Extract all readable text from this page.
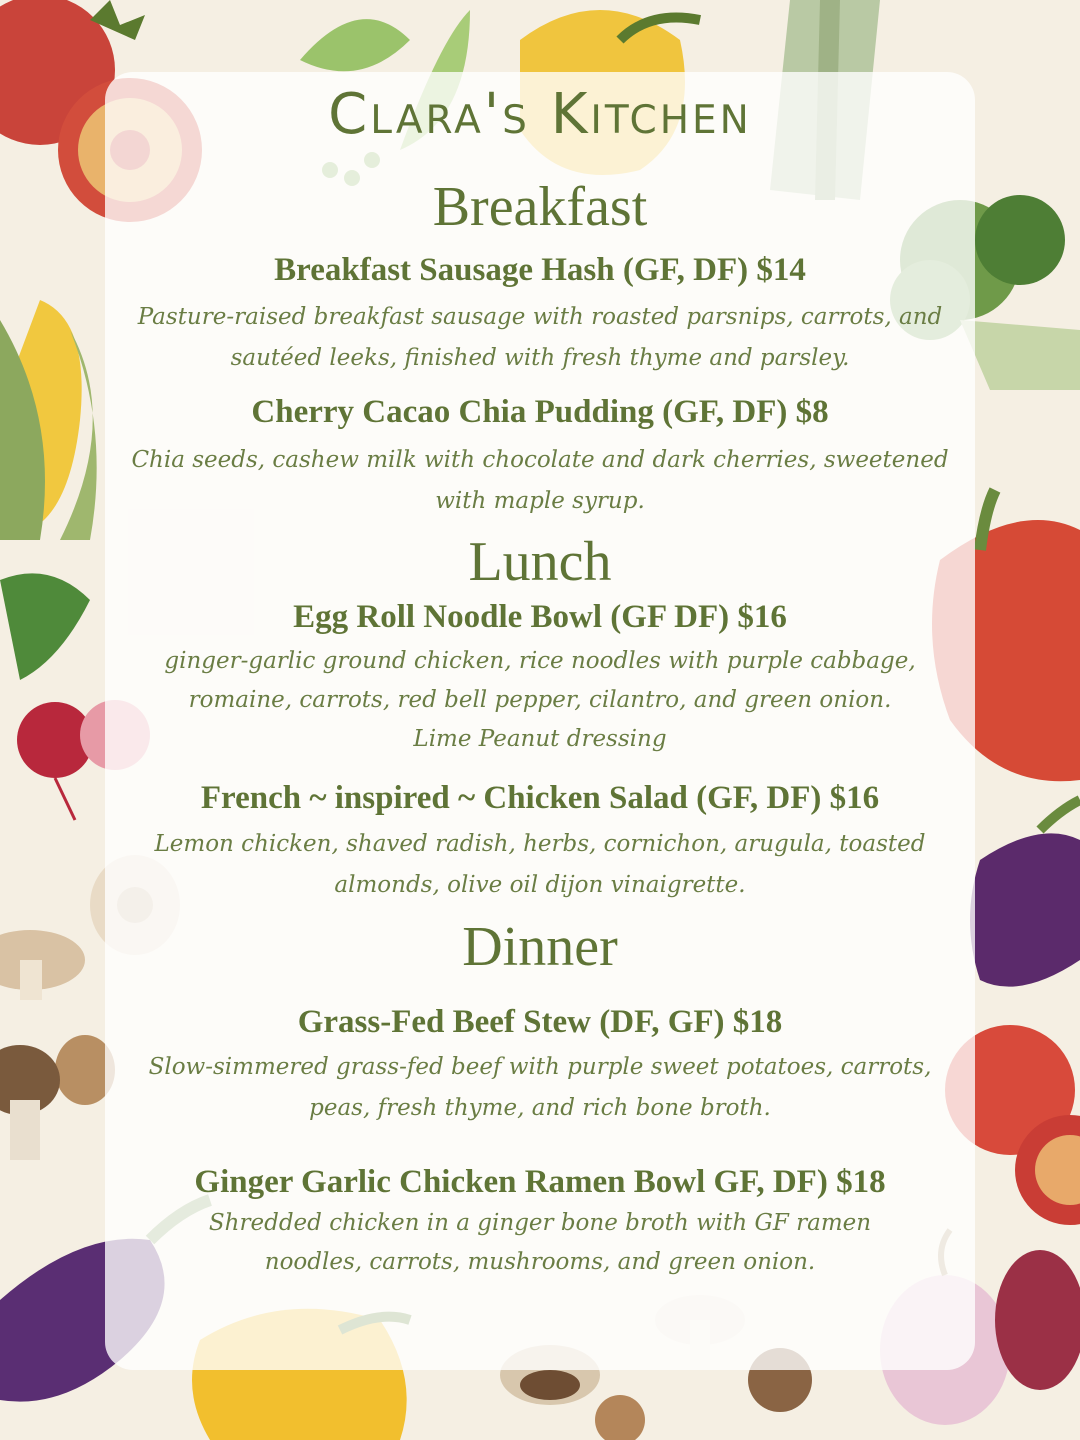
Clara's Kitchen
Breakfast
Breakfast Sausage Hash (GF, DF) $14
Pasture-raised breakfast sausage with roasted parsnips, carrots, and sautéed leeks, finished with fresh thyme and parsley.
Cherry Cacao Chia Pudding (GF, DF) $8
Chia seeds, cashew milk with chocolate and dark cherries, sweetened with maple syrup.
Lunch
Egg Roll Noodle Bowl (GF DF) $16
ginger-garlic ground chicken, rice noodles with purple cabbage, romaine, carrots, red bell pepper, cilantro, and green onion. Lime Peanut dressing
French ~ inspired ~ Chicken Salad (GF, DF) $16
Lemon chicken, shaved radish, herbs, cornichon, arugula, toasted almonds, olive oil dijon vinaigrette.
Dinner
Grass-Fed Beef Stew (DF, GF) $18
Slow-simmered grass-fed beef with purple sweet potatoes, carrots, peas, fresh thyme, and rich bone broth.
Ginger Garlic Chicken Ramen Bowl GF, DF) $18
Shredded chicken in a ginger bone broth with GF ramen noodles, carrots, mushrooms, and green onion.
